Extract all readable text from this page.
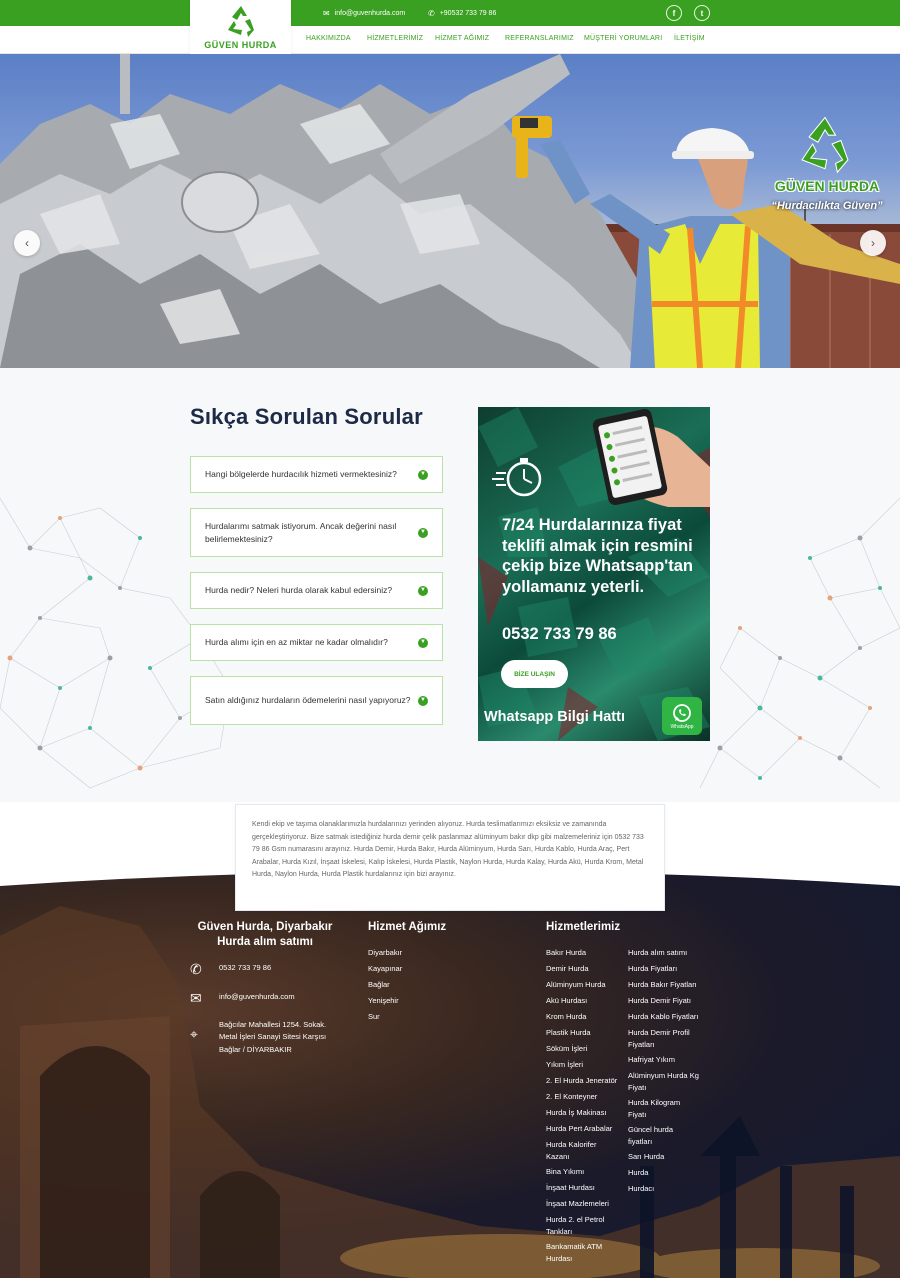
✉ info@guvenhurda.com	✆ +90532 733 79 86	f	t
HAKKIMIZDA HİZMETLERİMİZ HİZMET AĞIMIZ REFERANSLARIMIZ MÜŞTERİ YORUMLARI İLETİŞİM
GÜVEN HURDA
GÜVEN HURDA
“Hurdacılıkta Güven”
‹	›
Sıkça Sorulan Sorular
Hangi bölgelerde hurdacılık hizmeti vermektesiniz?	▼
Hurdalarımı satmak istiyorum. Ancak değerini nasıl belirlemektesiniz?
▼
Hurda nedir? Neleri hurda olarak kabul edersiniz?	▼
Hurda alımı için en az miktar ne kadar olmalıdır?	▼
Satın aldığınız hurdaların ödemelerini nasıl yapıyoruz?	▼
7/24 Hurdalarınıza fiyat teklifi almak için resmini çekip bize Whatsapp'tan yollamanız yeterli.
0532 733 79 86
BİZE ULAŞIN
Whatsapp Bilgi Hattı
WhatsApp

Kendi ekip ve taşıma olanaklarımızla hurdalarınızı yerinden alıyoruz. Hurda teslimatlarımızı eksiksiz ve zamanında gerçekleştiriyoruz. Bize satmak istediğiniz hurda demir çelik paslanmaz alüminyum bakır dkp gibi malzemeleriniz için 0532 733 79 86 Gsm numarasını arayınız. Hurda Demir, Hurda Bakır, Hurda Alüminyum, Hurda Sarı, Hurda Kablo, Hurda Araç, Pert Arabalar, Hurda Kızıl, İnşaat İskelesi, Kalıp İskelesi, Hurda Plastik, Naylon Hurda, Hurda Kalay, Hurda Akü, Hurda Krom, Metal Hurda, Naylon Hurda, Hurda Plastik hurdalarınız için bizi arayınız.

Güven Hurda, Diyarbakır Hurda alım satımı
✆	0532 733 79 86
✉	info@guvenhurda.com
⌖
Bağcılar Mahallesi 1254. Sokak. Metal İşleri Sanayi Sitesi Karşısı Bağlar / DİYARBAKIR
Hizmet Ağımız
Diyarbakır
Kayapınar
Bağlar
Yenişehir
Sur
Hizmetlerimiz
Bakır Hurda
Demir Hurda
Alüminyum Hurda
Akü Hurdası
Krom Hurda
Plastik Hurda
Söküm İşleri
Yıkım İşleri
2. El Hurda Jeneratör
2. El Konteyner
Hurda İş Makinası
Hurda Pert Arabalar
Hurda Kalorifer Kazanı
Bina Yıkımı
İnşaat Hurdası
İnşaat Mazlemeleri
Hurda 2. el Petrol Tankları
Bankamatik ATM Hurdası
Hurda alım satımı
Hurda Fiyatları
Hurda Bakır Fiyatları
Hurda Demir Fiyatı
Hurda Kablo Fiyatları
Hurda Demir Profil Fiyatları
Hafriyat Yıkım
Alüminyum Hurda Kg Fiyatı
Hurda Kilogram Fiyatı
Güncel hurda fiyatları
Sarı Hurda
Hurda
Hurdacı
